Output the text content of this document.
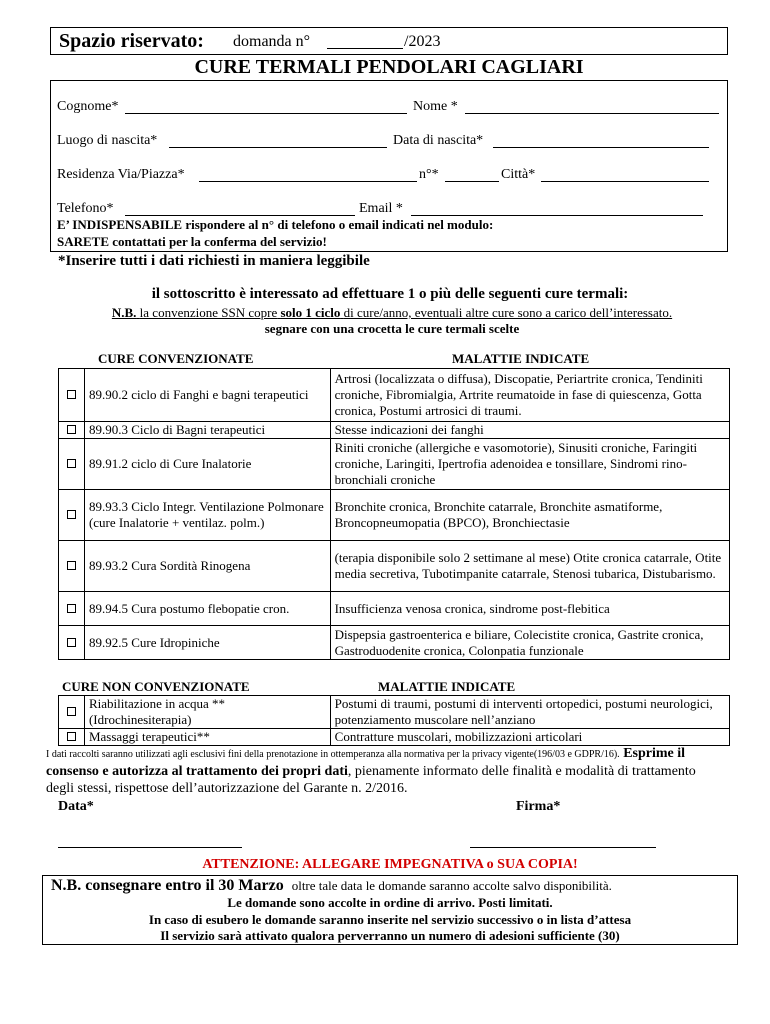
Spazio riservato: domanda n°	/2023
CURE TERMALI PENDOLARI CAGLIARI
Cognome*	Nome *
Luogo di nascita*	Data di nascita*
Residenza Via/Piazza*	n°*	Città*
Telefono*	Email *
E’ INDISPENSABILE rispondere al n° di telefono o email indicati nel modulo:
SARETE contattati per la conferma del servizio!
*Inserire tutti i dati richiesti in maniera leggibile
il sottoscritto è interessato ad effettuare 1 o più delle seguenti cure termali:
N.B. la convenzione SSN copre solo 1 ciclo di cure/anno, eventuali altre cure sono a carico dell’interessato.
segnare con una crocetta le cure termali scelte
CURE CONVENZIONATE	MALATTIE INDICATE
	89.90.2 ciclo di Fanghi e bagni terapeutici	Artrosi (localizzata o diffusa), Discopatie, Periartrite cronica, Tendiniti croniche, Fibromialgia, Artrite reumatoide in fase di quiescenza, Gotta cronica, Postumi artrosici di traumi.
	89.90.3 Ciclo di Bagni terapeutici	Stesse indicazioni dei fanghi
	89.91.2 ciclo di Cure Inalatorie	Riniti croniche (allergiche e vasomotorie), Sinusiti croniche, Faringiti croniche, Laringiti, Ipertrofia adenoidea e tonsillare, Sindromi rino-bronchiali croniche
	89.93.3 Ciclo Integr. Ventilazione Polmonare (cure Inalatorie + ventilaz. polm.)	Bronchite cronica, Bronchite catarrale, Bronchite asmatiforme, Broncopneumopatia (BPCO), Bronchiectasie
	89.93.2 Cura Sordità Rinogena	(terapia disponibile solo 2 settimane al mese) Otite cronica catarrale, Otite media secretiva, Tubotimpanite catarrale, Stenosi tubarica, Distubarismo.
	89.94.5 Cura postumo flebopatie cron.	Insufficienza venosa cronica, sindrome post-flebitica
	89.92.5 Cure Idropiniche	Dispepsia gastroenterica e biliare, Colecistite cronica, Gastrite cronica, Gastroduodenite cronica, Colonpatia funzionale
CURE NON CONVENZIONATE	MALATTIE INDICATE
	Riabilitazione in acqua ** (Idrochinesiterapia)	Postumi di traumi, postumi di interventi ortopedici, postumi neurologici, potenziamento muscolare nell’anziano
	Massaggi terapeutici**	Contratture muscolari, mobilizzazioni articolari
I dati raccolti saranno utilizzati agli esclusivi fini della prenotazione in ottemperanza alla normativa per la privacy vigente(196/03 e GDPR/16). Esprime il consenso e autorizza al trattamento dei propri dati, pienamente informato delle finalità e modalità di trattamento degli stessi, rispettose dell’autorizzazione del Garante n. 2/2016.
Data*	Firma*
ATTENZIONE: ALLEGARE IMPEGNATIVA o SUA COPIA!
N.B. consegnare entro il 30 Marzo oltre tale data le domande saranno accolte salvo disponibilità.
Le domande sono accolte in ordine di arrivo. Posti limitati.
In caso di esubero le domande saranno inserite nel servizio successivo o in lista d’attesa
Il servizio sarà attivato qualora perverranno un numero di adesioni sufficiente (30)
